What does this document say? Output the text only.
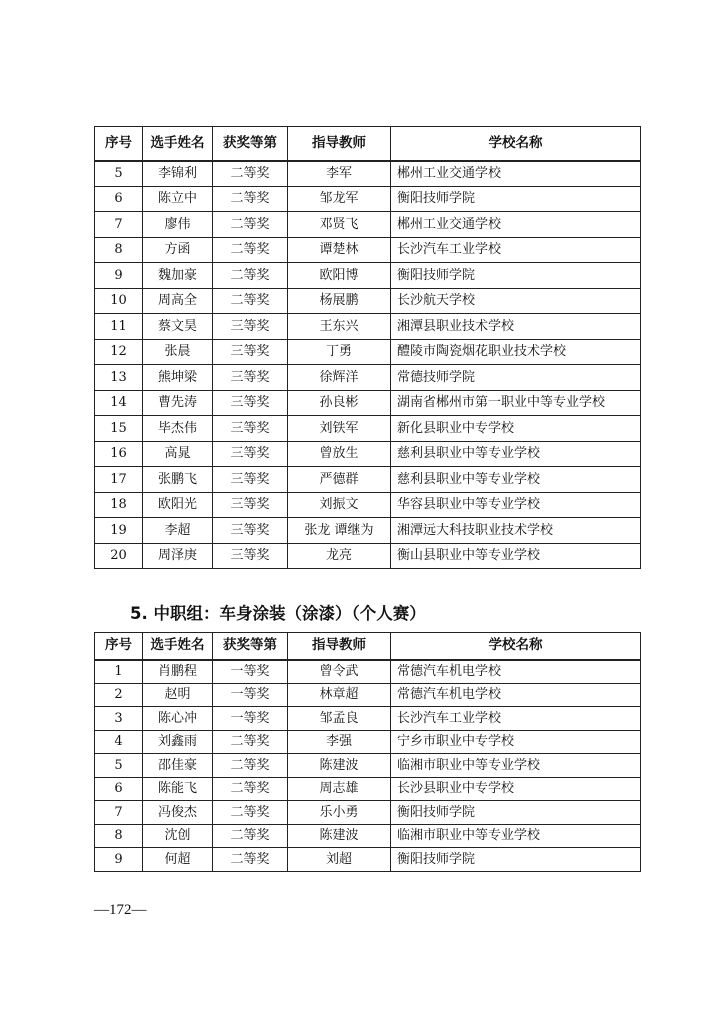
序号	选手姓名	获奖等第	指导教师	学校名称
5	李锦利	二等奖	李军	郴州工业交通学校
6	陈立中	二等奖	邹龙军	衡阳技师学院
7	廖伟	二等奖	邓贤飞	郴州工业交通学校
8	方函	二等奖	谭楚林	长沙汽车工业学校
9	魏加豪	二等奖	欧阳博	衡阳技师学院
10	周高全	二等奖	杨展鹏	长沙航天学校
11	蔡文昊	三等奖	王东兴	湘潭县职业技术学校
12	张晨	三等奖	丁勇	醴陵市陶瓷烟花职业技术学校
13	熊坤梁	三等奖	徐辉洋	常德技师学院
14	曹先涛	三等奖	孙良彬	湖南省郴州市第一职业中等专业学校
15	毕杰伟	三等奖	刘铁军	新化县职业中专学校
16	高晁	三等奖	曾放生	慈利县职业中等专业学校
17	张鹏飞	三等奖	严德群	慈利县职业中等专业学校
18	欧阳光	三等奖	刘振文	华容县职业中等专业学校
19	李超	三等奖	张龙 谭继为	湘潭远大科技职业技术学校
20	周泽庚	三等奖	龙亮	衡山县职业中等专业学校
5. 中职组：车身涂装（涂漆）（个人赛）
序号	选手姓名	获奖等第	指导教师	学校名称
1	肖鹏程	一等奖	曾令武	常德汽车机电学校
2	赵明	一等奖	林章超	常德汽车机电学校
3	陈心冲	一等奖	邹孟良	长沙汽车工业学校
4	刘鑫雨	二等奖	李强	宁乡市职业中专学校
5	邵佳豪	二等奖	陈建波	临湘市职业中等专业学校
6	陈能飞	二等奖	周志雄	长沙县职业中专学校
7	冯俊杰	二等奖	乐小勇	衡阳技师学院
8	沈创	二等奖	陈建波	临湘市职业中等专业学校
9	何超	二等奖	刘超	衡阳技师学院
—172—
